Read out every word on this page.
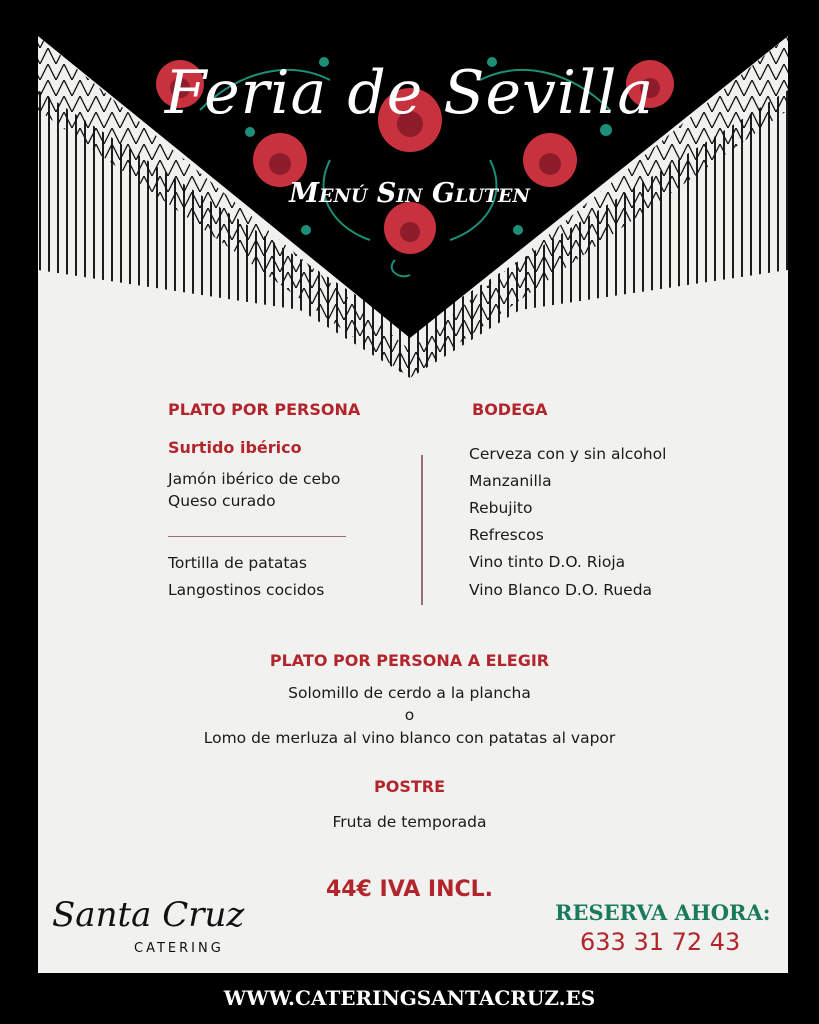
Feria de Sevilla
Menú Sin Gluten
PLATO POR PERSONA
Surtido ibérico
Jamón ibérico de cebo
Queso curado
Tortilla de patatas
Langostinos cocidos
BODEGA
Cerveza con y sin alcohol
Manzanilla
Rebujito
Refrescos
Vino tinto D.O. Rioja
Vino Blanco D.O. Rueda
PLATO POR PERSONA A ELEGIR
Solomillo de cerdo a la plancha
o
Lomo de merluza al vino blanco con patatas al vapor
POSTRE
Fruta de temporada
44€ IVA INCL.
Santa Cruz
CATERING
RESERVA AHORA:
633 31 72 43
WWW.CATERINGSANTACRUZ.ES
